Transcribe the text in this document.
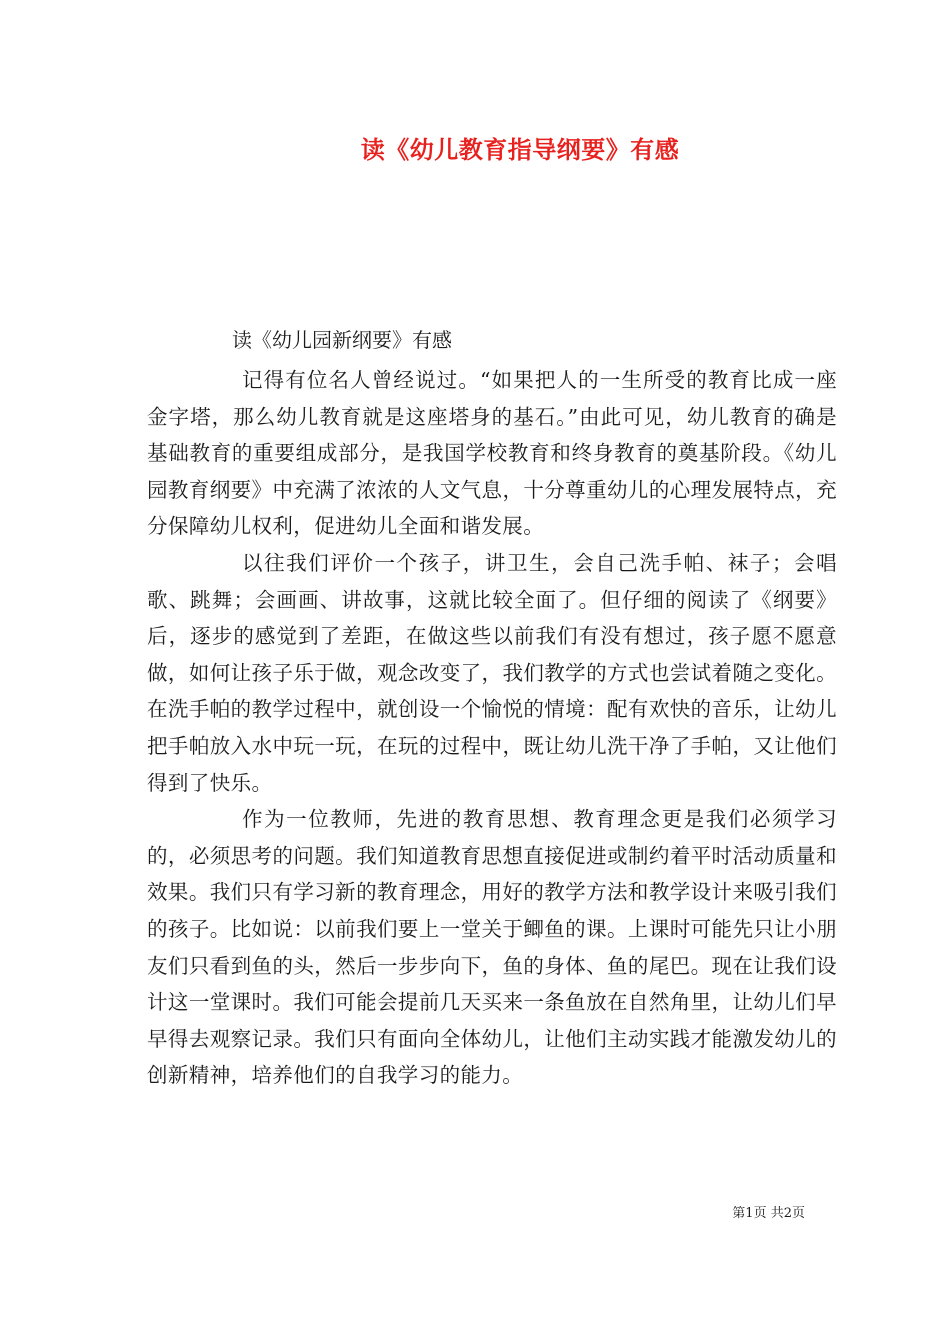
读《幼儿教育指导纲要》有感

读《幼儿园新纲要》有感

记得有位名人曾经说过。“如果把人的一生所受的教育比成一座金字塔，那么幼儿教育就是这座塔身的基石。”由此可见，幼儿教育的确是基础教育的重要组成部分，是我国学校教育和终身教育的奠基阶段。《幼儿园教育纲要》中充满了浓浓的人文气息，十分尊重幼儿的心理发展特点，充分保障幼儿权利，促进幼儿全面和谐发展。

以往我们评价一个孩子，讲卫生，会自己洗手帕、袜子；会唱歌、跳舞；会画画、讲故事，这就比较全面了。但仔细的阅读了《纲要》后，逐步的感觉到了差距，在做这些以前我们有没有想过，孩子愿不愿意做，如何让孩子乐于做，观念改变了，我们教学的方式也尝试着随之变化。在洗手帕的教学过程中，就创设一个愉悦的情境：配有欢快的音乐，让幼儿把手帕放入水中玩一玩，在玩的过程中，既让幼儿洗干净了手帕，又让他们得到了快乐。

作为一位教师，先进的教育思想、教育理念更是我们必须学习的，必须思考的问题。我们知道教育思想直接促进或制约着平时活动质量和效果。我们只有学习新的教育理念，用好的教学方法和教学设计来吸引我们的孩子。比如说：以前我们要上一堂关于鲫鱼的课。上课时可能先只让小朋友们只看到鱼的头，然后一步步向下，鱼的身体、鱼的尾巴。现在让我们设计这一堂课时。我们可能会提前几天买来一条鱼放在自然角里，让幼儿们早早得去观察记录。我们只有面向全体幼儿，让他们主动实践才能激发幼儿的创新精神，培养他们的自我学习的能力。

第1页 共2页
